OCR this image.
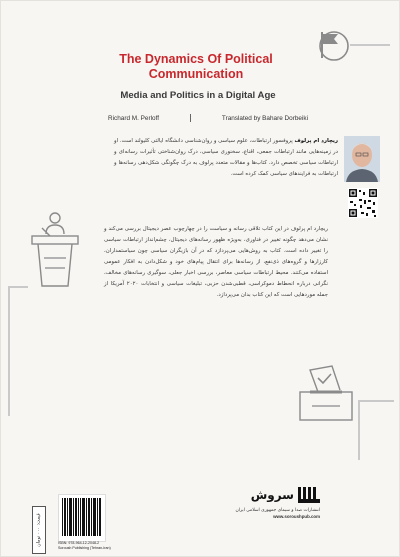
The Dynamics Of Political
Communication
Media and Politics in a Digital Age
Richard M. Perloff	Translated by Bahare Dorbeiki
ریچارد ام پرلوف پروفسور ارتباطات، علوم سیاسی و روان‌شناسی دانشگاه ایالتی کلیولند است. او در زمینه‌هایی مانند ارتباطات جمعی، اقناع، سخنوری سیاسی، درک روان‌شناختی تأثیرات رسانه‌ای و ارتباطات سیاسی تخصص دارد. کتاب‌ها و مقالات متعدد پرلوف به درک چگونگی شکل‌دهی رسانه‌ها و ارتباطات به فرایندهای سیاسی کمک کرده است.
ریچارد ام پرلوف در این کتاب تلاقی رسانه و سیاست را در چهارچوب عصر دیجیتال بررسی می‌کند و نشان می‌دهد چگونه تغییر در فناوری، به‌ویژه ظهور رسانه‌های دیجیتال، چشم‌انداز ارتباطات سیاسی را تغییر داده است. کتاب به روش‌هایی می‌پردازد که در آن بازیگران سیاسی چون سیاستمداران، کارزارها و گروه‌های ذی‌نفع، از رسانه‌ها برای انتقال پیام‌های خود و شکل‌دادن به افکار عمومی استفاده می‌کنند. محیط ارتباطات سیاسی معاصر، بررسی اخبار جعلی، سوگیری رسانه‌های مخالف، نگرانی درباره انحطاط دموکراسی، قطبی‌شدن حزبی، تبلیغات سیاسی و انتخابات ۲۰۲۰ آمریکا از جمله موردهایی است که این کتاب بدان می‌پردازد.
قیمت: ۰۰۰ تومان
ISBN: 978-964-12-2048-2
Soroush Publishing (Tehran-Iran)
سروش
انتشارات صدا و سیمای جمهوری اسلامی ایران
www.soroushpub.com
